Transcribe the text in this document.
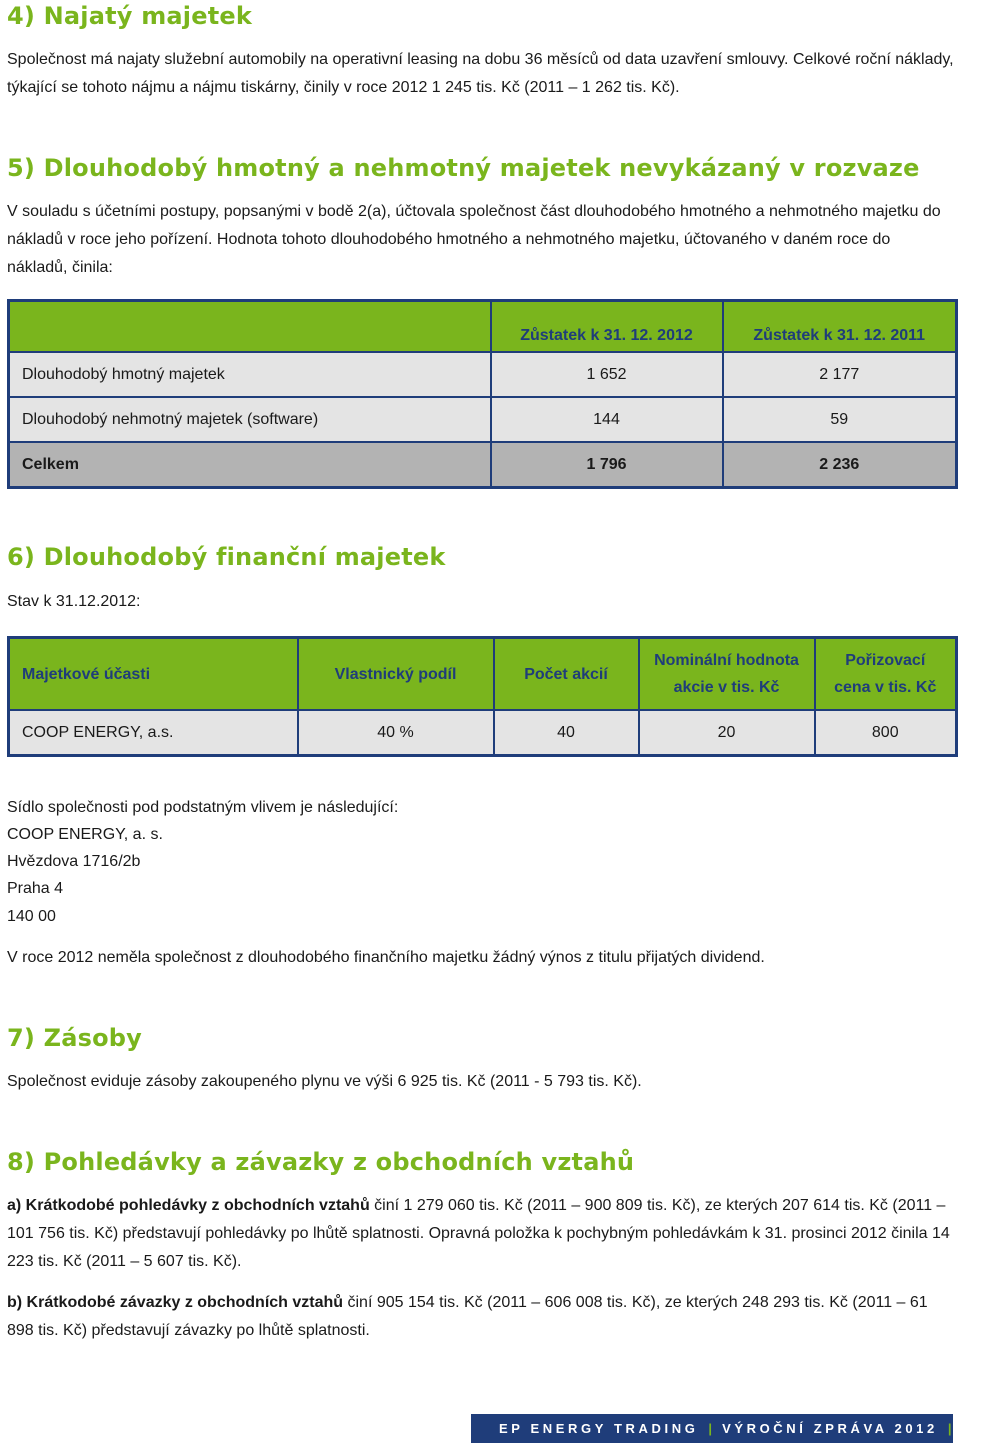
4) Najatý majetek

Společnost má najaty služební automobily na operativní leasing na dobu 36 měsíců od data uzavření smlouvy. Celkové roční náklady, týkající se tohoto nájmu a nájmu tiskárny, činily v roce 2012 1 245 tis. Kč (2011 – 1 262 tis. Kč).

5) Dlouhodobý hmotný a nehmotný majetek nevykázaný v rozvaze

V souladu s účetními postupy, popsanými v bodě 2(a), účtovala společnost část dlouhodobého hmotného a nehmotného majetku do nákladů v roce jeho pořízení. Hodnota tohoto dlouhodobého hmotného a nehmotného majetku, účtovaného v daném roce do nákladů, činila:

	Zůstatek k 31. 12. 2012	Zůstatek k 31. 12. 2011
Dlouhodobý hmotný majetek	1 652	2 177
Dlouhodobý nehmotný majetek (software)	144	59
Celkem	1 796	2 236
6) Dlouhodobý finanční majetek

Stav k 31.12.2012:

Majetkové účasti	Vlastnický podíl	Počet akcií	Nominální hodnota akcie v tis. Kč	Pořizovací cena v tis. Kč
COOP ENERGY, a.s.	40 %	40	20	800

Sídlo společnosti pod podstatným vlivem je následující:

COOP ENERGY, a. s.

Hvězdova 1716/2b

Praha 4

140 00

V roce 2012 neměla společnost z dlouhodobého finančního majetku žádný výnos z titulu přijatých dividend.

7) Zásoby

Společnost eviduje zásoby zakoupeného plynu ve výši 6 925 tis. Kč (2011 - 5 793 tis. Kč).

8) Pohledávky a závazky z obchodních vztahů

a) Krátkodobé pohledávky z obchodních vztahů činí 1 279 060 tis. Kč (2011 – 900 809 tis. Kč), ze kterých 207 614 tis. Kč (2011 – 101 756 tis. Kč) představují pohledávky po lhůtě splatnosti. Opravná položka k pochybným pohledávkám k 31. prosinci 2012 činila 14 223 tis. Kč (2011 – 5 607 tis. Kč).

b) Krátkodobé závazky z obchodních vztahů činí 905 154 tis. Kč (2011 – 606 008 tis. Kč), ze kterých 248 293 tis. Kč (2011 – 61 898 tis. Kč) představují závazky po lhůtě splatnosti.

EP ENERGY TRADING | VÝROČNÍ ZPRÁVA 2012 | 20
